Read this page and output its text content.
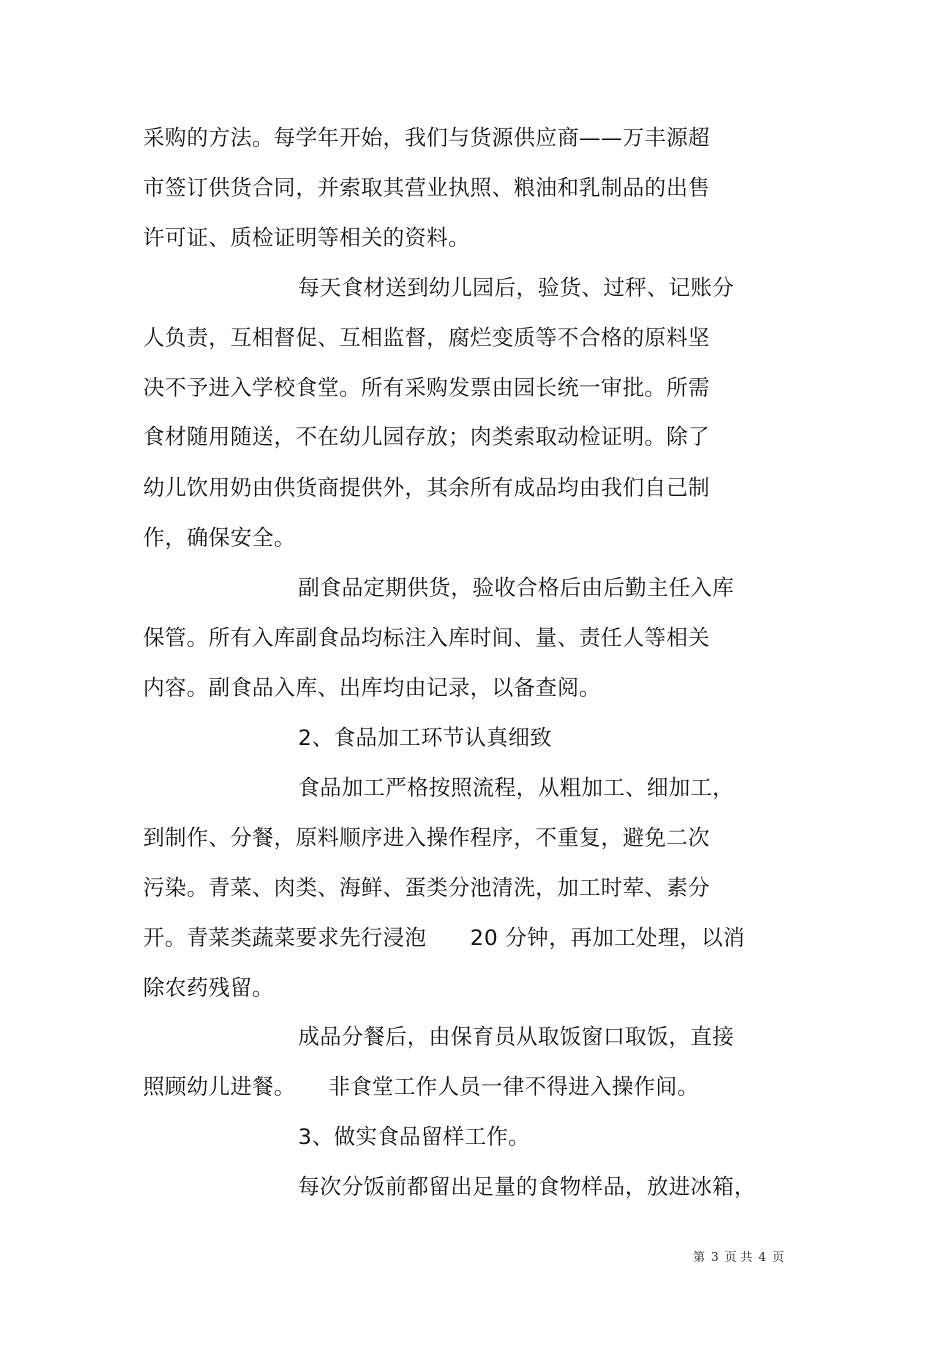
采购的方法。每学年开始，我们与货源供应商——万丰源超
市签订供货合同，并索取其营业执照、粮油和乳制品的出售
许可证、质检证明等相关的资料。
每天食材送到幼儿园后，验货、过秤、记账分
人负责，互相督促、互相监督，腐烂变质等不合格的原料坚
决不予进入学校食堂。所有采购发票由园长统一审批。所需
食材随用随送，不在幼儿园存放；肉类索取动检证明。除了
幼儿饮用奶由供货商提供外，其余所有成品均由我们自己制
作，确保安全。
副食品定期供货，验收合格后由后勤主任入库
保管。所有入库副食品均标注入库时间、量、责任人等相关
内容。副食品入库、出库均由记录，以备查阅。
2、食品加工环节认真细致
食品加工严格按照流程，从粗加工、细加工，
到制作、分餐，原料顺序进入操作程序，不重复，避免二次
污染。青菜、肉类、海鲜、蛋类分池清洗，加工时荤、素分
开。青菜类蔬菜要求先行浸泡　　20 分钟，再加工处理，以消
除农药残留。
成品分餐后，由保育员从取饭窗口取饭，直接
照顾幼儿进餐。　　非食堂工作人员一律不得进入操作间。
3、做实食品留样工作。
每次分饭前都留出足量的食物样品，放进冰箱，
第 3 页 共 4 页
